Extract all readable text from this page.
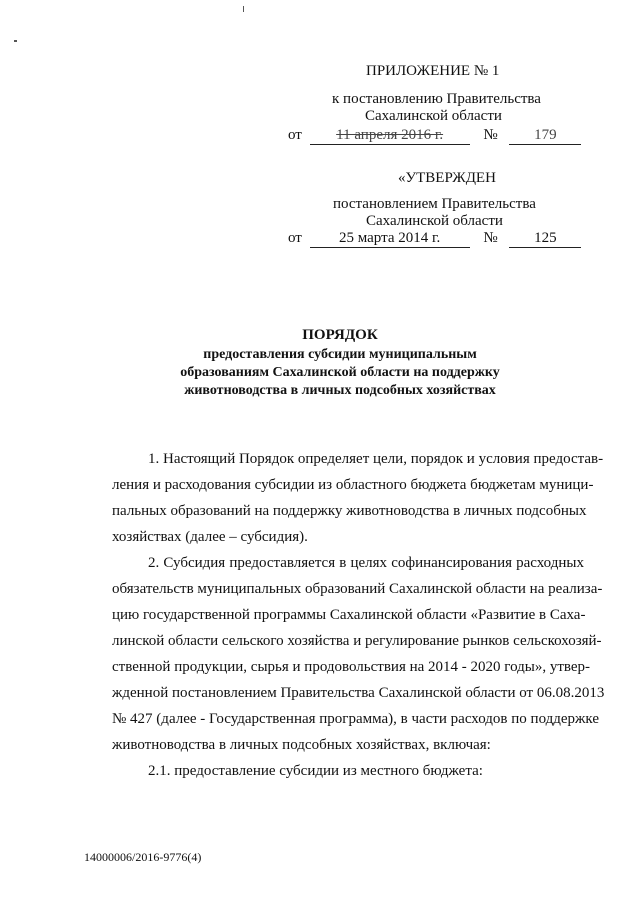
ПРИЛОЖЕНИЕ № 1
к постановлению Правительства
Сахалинской области
от 11 апреля 2016 г.	№ 179
«УТВЕРЖДЕН
постановлением Правительства
Сахалинской области
от 25 марта 2014 г.	№ 125
ПОРЯДОК
предоставления субсидии муниципальным
образованиям Сахалинской области на поддержку
животноводства в личных подсобных хозяйствах
1. Настоящий Порядок определяет цели, порядок и условия предостав-
ления и расходования субсидии из областного бюджета бюджетам муници-
пальных образований на поддержку животноводства в личных подсобных
хозяйствах (далее – субсидия).
2. Субсидия предоставляется в целях софинансирования расходных
обязательств муниципальных образований Сахалинской области на реализа-
цию государственной программы Сахалинской области «Развитие в Саха-
линской области сельского хозяйства и регулирование рынков сельскохозяй-
ственной продукции, сырья и продовольствия на 2014 - 2020 годы», утвер-
жденной постановлением Правительства Сахалинской области от 06.08.2013
№ 427 (далее - Государственная программа), в части расходов по поддержке
животноводства в личных подсобных хозяйствах, включая:
2.1. предоставление субсидии из местного бюджета:
14000006/2016-9776(4)
